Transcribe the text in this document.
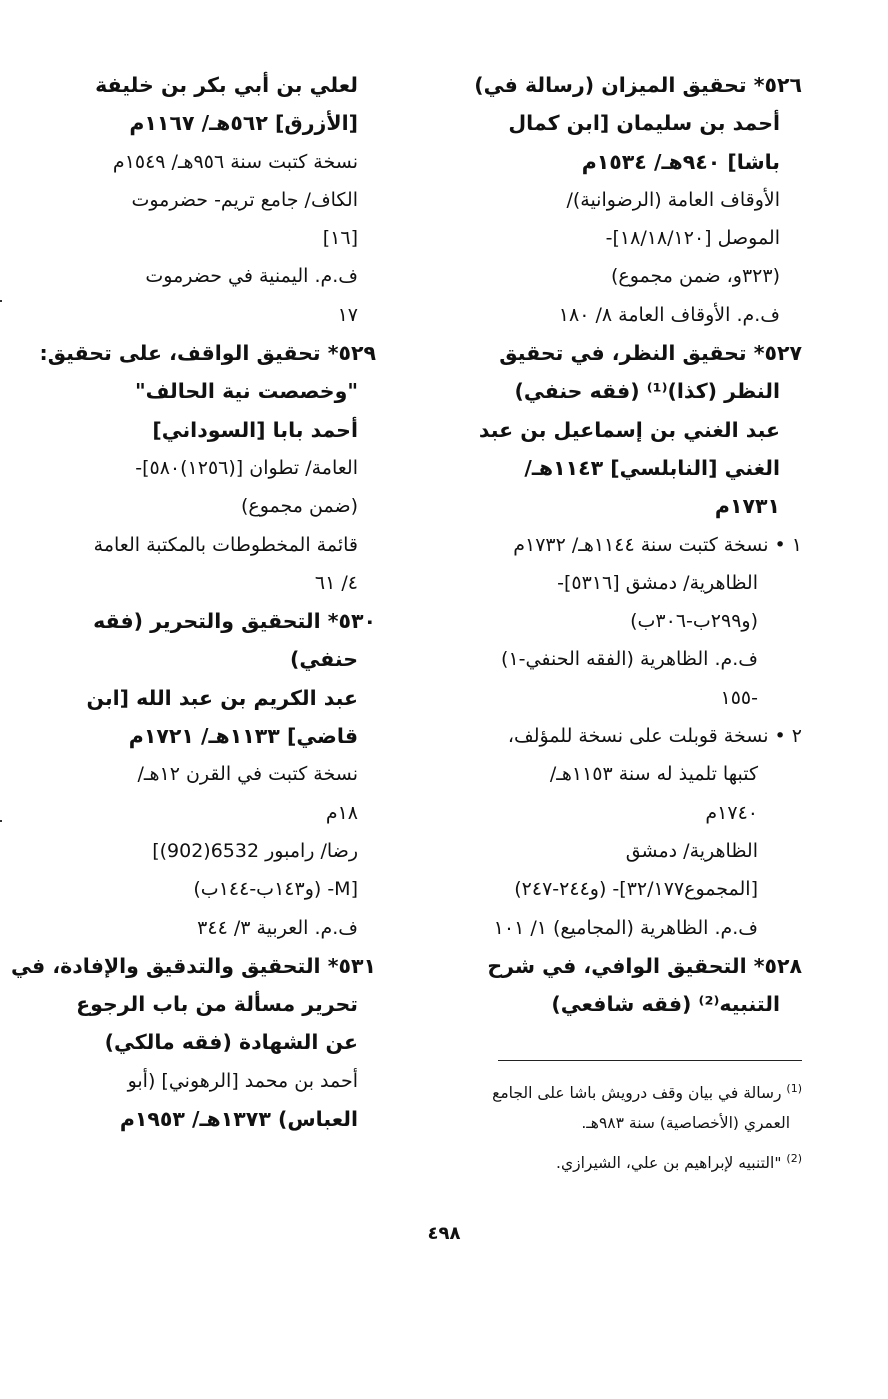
٥٢٦* تحقيق الميزان (رسالة في)
أحمد بن سليمان [ابن كمال
باشا] ٩٤٠هـ/ ١٥٣٤م
الأوقاف العامة (الرضوانية)/
الموصل [١٨/١٨/١٢٠]-
(٣٢٣و، ضمن مجموع)
ف.م. الأوقاف العامة ٨/ ١٨٠
٥٢٧* تحقيق النظر، في تحقيق
النظر (كذا)⁽¹⁾ (فقه حنفي)
عبد الغني بن إسماعيل بن عبد
الغني [النابلسي] ١١٤٣هـ/
١٧٣١م
١ • نسخة كتبت سنة ١١٤٤هـ/ ١٧٣٢م
الظاهرية/ دمشق [٥٣١٦]-
(و٢٩٩ب-٣٠٦ب)
ف.م. الظاهرية (الفقه الحنفي-١)
-١٥٥
٢ • نسخة قوبلت على نسخة للمؤلف،
كتبها تلميذ له سنة ١١٥٣هـ/
١٧٤٠م
الظاهرية/ دمشق
[المجموع٣٢/١٧٧]- (و٢٤٤-٢٤٧)
ف.م. الظاهرية (المجاميع) ١/ ١٠١
٥٢٨* التحقيق الوافي، في شرح
التنبيه⁽²⁾ (فقه شافعي)
لعلي بن أبي بكر بن خليفة
[الأزرق] ٥٦٢هـ/ ١١٦٧م
نسخة كتبت سنة ٩٥٦هـ/ ١٥٤٩م
الكاف/ جامع تريم- حضرموت
[١٦]
ف.م. اليمنية في حضرموت
١٧
٥٢٩* تحقيق الواقف، على تحقيق:
"وخصصت نية الحالف"
أحمد بابا [السوداني]
العامة/ تطوان [(١٢٥٦)٥٨٠]-
(ضمن مجموع)
قائمة المخطوطات بالمكتبة العامة
٤/ ٦١
٥٣٠* التحقيق والتحرير (فقه
حنفي)
عبد الكريم بن عبد الله [ابن
قاضي] ١١٣٣هـ/ ١٧٢١م
نسخة كتبت في القرن ١٢هـ/
١٨م
رضا/ رامبور 6532(902)]
[M- (و١٤٣ب-١٤٤ب)
ف.م. العربية ٣/ ٣٤٤
٥٣١* التحقيق والتدقيق والإفادة، في
تحرير مسألة من باب الرجوع
عن الشهادة (فقه مالكي)
أحمد بن محمد [الرهوني] (أبو
العباس) ١٣٧٣هـ/ ١٩٥٣م
$^{(1)}$ رسالة في بيان وقف درويش باشا على الجامع
العمري (الأخصاصية) سنة ٩٨٣هـ.
$^{(2)}$ "التنبيه لإبراهيم بن علي، الشيرازي.
٤٩٨
